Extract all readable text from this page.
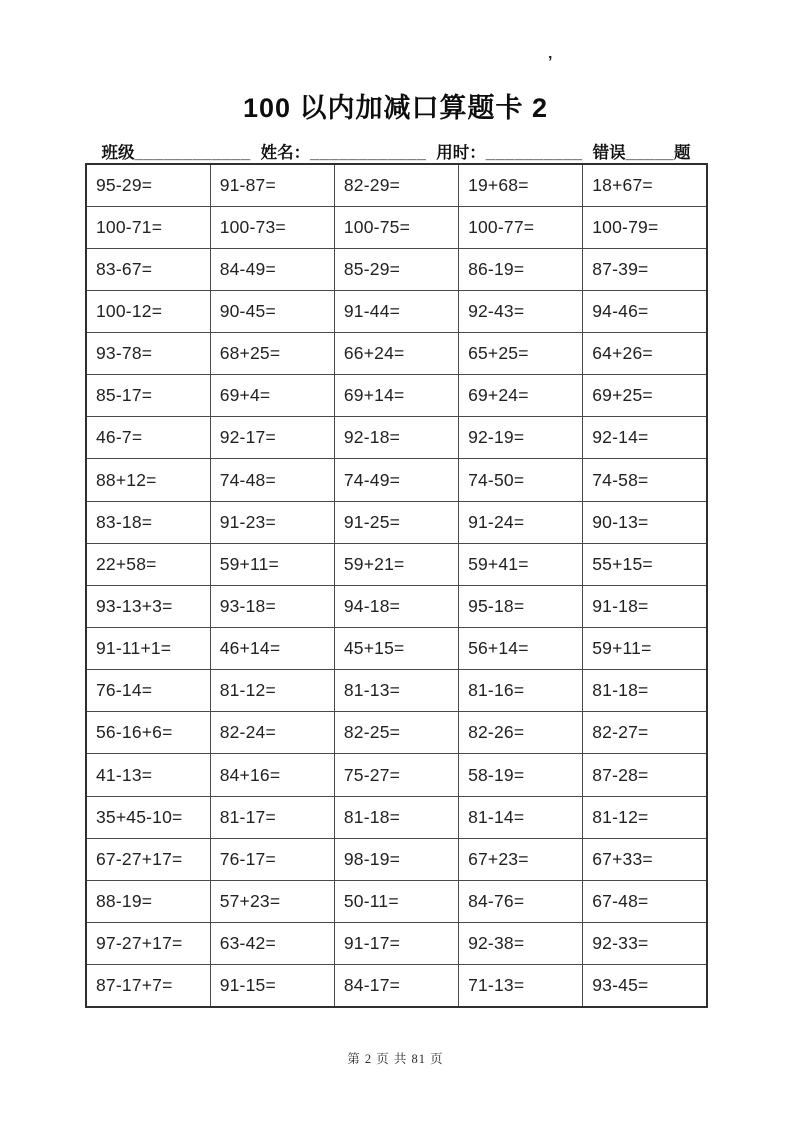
’
100 以内加减口算题卡 2
班级 ____________ 姓名： ____________ 用时： __________ 错误 _____ 题
95-29=	91-87=	82-29=	19+68=	18+67=
100-71=	100-73=	100-75=	100-77=	100-79=
83-67=	84-49=	85-29=	86-19=	87-39=
100-12=	90-45=	91-44=	92-43=	94-46=
93-78=	68+25=	66+24=	65+25=	64+26=
85-17=	69+4=	69+14=	69+24=	69+25=
46-7=	92-17=	92-18=	92-19=	92-14=
88+12=	74-48=	74-49=	74-50=	74-58=
83-18=	91-23=	91-25=	91-24=	90-13=
22+58=	59+11=	59+21=	59+41=	55+15=
93-13+3=	93-18=	94-18=	95-18=	91-18=
91-11+1=	46+14=	45+15=	56+14=	59+11=
76-14=	81-12=	81-13=	81-16=	81-18=
56-16+6=	82-24=	82-25=	82-26=	82-27=
41-13=	84+16=	75-27=	58-19=	87-28=
35+45-10=	81-17=	81-18=	81-14=	81-12=
67-27+17=	76-17=	98-19=	67+23=	67+33=
88-19=	57+23=	50-11=	84-76=	67-48=
97-27+17=	63-42=	91-17=	92-38=	92-33=
87-17+7=	91-15=	84-17=	71-13=	93-45=
第 2 页 共 81 页
